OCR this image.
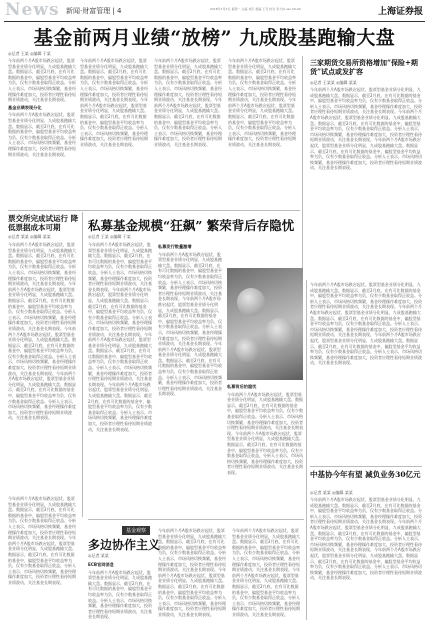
News 新闻·财富管理 | 4	2018年7月2日 星期一 主编 刘宇 美编 王月 校对 李大伟 ssn 00-00	上海证券报
基金前两月业绩“放榜” 九成股基跑输大盘
◎记者 王某 ◎编辑 于某
今年前两个月A股市场跌宕起伏，股票型基金业绩分化明显，九成股基跑输大盘。数据显示，截至2月底，在有可比数据的基金中，偏股型基金平均收益率为负，仅有少数基金取得正收益。分析人士表示，市场风格切换频繁，基金经理操作难度加大，投资者应理性看待短期业绩波动，关注基金长期表现。
基金业绩表现分化
今年前两个月A股市场跌宕起伏，股票型基金业绩分化明显，九成股基跑输大盘。数据显示，截至2月底，在有可比数据的基金中，偏股型基金平均收益率为负，仅有少数基金取得正收益。分析人士表示，市场风格切换频繁，基金经理操作难度加大，投资者应理性看待短期业绩波动，关注基金长期表现。
今年前两个月A股市场跌宕起伏，股票型基金业绩分化明显，九成股基跑输大盘。数据显示，截至2月底，在有可比数据的基金中，偏股型基金平均收益率为负，仅有少数基金取得正收益。分析人士表示，市场风格切换频繁，基金经理操作难度加大，投资者应理性看待短期业绩波动，关注基金长期表现。今年前两个月A股市场跌宕起伏，股票型基金业绩分化明显，九成股基跑输大盘。数据显示，截至2月底，在有可比数据的基金中，偏股型基金平均收益率为负，仅有少数基金取得正收益。分析人士表示，市场风格切换频繁，基金经理操作难度加大，投资者应理性看待短期业绩波动，关注基金长期表现。
今年前两个月A股市场跌宕起伏，股票型基金业绩分化明显，九成股基跑输大盘。数据显示，截至2月底，在有可比数据的基金中，偏股型基金平均收益率为负，仅有少数基金取得正收益。分析人士表示，市场风格切换频繁，基金经理操作难度加大，投资者应理性看待短期业绩波动，关注基金长期表现。今年前两个月A股市场跌宕起伏，股票型基金业绩分化明显，九成股基跑输大盘。数据显示，截至2月底，在有可比数据的基金中，偏股型基金平均收益率为负，仅有少数基金取得正收益。分析人士表示，市场风格切换频繁，基金经理操作难度加大，投资者应理性看待短期业绩波动，关注基金长期表现。
今年前两个月A股市场跌宕起伏，股票型基金业绩分化明显，九成股基跑输大盘。数据显示，截至2月底，在有可比数据的基金中，偏股型基金平均收益率为负，仅有少数基金取得正收益。分析人士表示，市场风格切换频繁，基金经理操作难度加大，投资者应理性看待短期业绩波动，关注基金长期表现。今年前两个月A股市场跌宕起伏，股票型基金业绩分化明显，九成股基跑输大盘。数据显示，截至2月底，在有可比数据的基金中，偏股型基金平均收益率为负，仅有少数基金取得正收益。分析人士表示，市场风格切换频繁，基金经理操作难度加大，投资者应理性看待短期业绩波动，关注基金长期表现。
三家期货交易所资格增加“保险+期货”试点或发扩容
◎记者 王某某 ◎编辑 某某
今年前两个月A股市场跌宕起伏，股票型基金业绩分化明显，九成股基跑输大盘。数据显示，截至2月底，在有可比数据的基金中，偏股型基金平均收益率为负，仅有少数基金取得正收益。分析人士表示，市场风格切换频繁，基金经理操作难度加大，投资者应理性看待短期业绩波动，关注基金长期表现。今年前两个月A股市场跌宕起伏，股票型基金业绩分化明显，九成股基跑输大盘。数据显示，截至2月底，在有可比数据的基金中，偏股型基金平均收益率为负，仅有少数基金取得正收益。分析人士表示，市场风格切换频繁，基金经理操作难度加大，投资者应理性看待短期业绩波动，关注基金长期表现。今年前两个月A股市场跌宕起伏，股票型基金业绩分化明显，九成股基跑输大盘。数据显示，截至2月底，在有可比数据的基金中，偏股型基金平均收益率为负，仅有少数基金取得正收益。分析人士表示，市场风格切换频繁，基金经理操作难度加大，投资者应理性看待短期业绩波动，关注基金长期表现。
票交所完成试运行 降低票据成本可期
◎记者 某某 ◎编辑 某某
今年前两个月A股市场跌宕起伏，股票型基金业绩分化明显，九成股基跑输大盘。数据显示，截至2月底，在有可比数据的基金中，偏股型基金平均收益率为负，仅有少数基金取得正收益。分析人士表示，市场风格切换频繁，基金经理操作难度加大，投资者应理性看待短期业绩波动，关注基金长期表现。今年前两个月A股市场跌宕起伏，股票型基金业绩分化明显，九成股基跑输大盘。数据显示，截至2月底，在有可比数据的基金中，偏股型基金平均收益率为负，仅有少数基金取得正收益。分析人士表示，市场风格切换频繁，基金经理操作难度加大，投资者应理性看待短期业绩波动，关注基金长期表现。今年前两个月A股市场跌宕起伏，股票型基金业绩分化明显，九成股基跑输大盘。数据显示，截至2月底，在有可比数据的基金中，偏股型基金平均收益率为负，仅有少数基金取得正收益。分析人士表示，市场风格切换频繁，基金经理操作难度加大，投资者应理性看待短期业绩波动，关注基金长期表现。今年前两个月A股市场跌宕起伏，股票型基金业绩分化明显，九成股基跑输大盘。数据显示，截至2月底，在有可比数据的基金中，偏股型基金平均收益率为负，仅有少数基金取得正收益。分析人士表示，市场风格切换频繁，基金经理操作难度加大，投资者应理性看待短期业绩波动，关注基金长期表现。
私募基金规模“狂飙” 繁荣背后存隐忧
◎记者 王某 ◎编辑 于某
今年前两个月A股市场跌宕起伏，股票型基金业绩分化明显，九成股基跑输大盘。数据显示，截至2月底，在有可比数据的基金中，偏股型基金平均收益率为负，仅有少数基金取得正收益。分析人士表示，市场风格切换频繁，基金经理操作难度加大，投资者应理性看待短期业绩波动，关注基金长期表现。今年前两个月A股市场跌宕起伏，股票型基金业绩分化明显，九成股基跑输大盘。数据显示，截至2月底，在有可比数据的基金中，偏股型基金平均收益率为负，仅有少数基金取得正收益。分析人士表示，市场风格切换频繁，基金经理操作难度加大，投资者应理性看待短期业绩波动，关注基金长期表现。今年前两个月A股市场跌宕起伏，股票型基金业绩分化明显，九成股基跑输大盘。数据显示，截至2月底，在有可比数据的基金中，偏股型基金平均收益率为负，仅有少数基金取得正收益。分析人士表示，市场风格切换频繁，基金经理操作难度加大，投资者应理性看待短期业绩波动，关注基金长期表现。今年前两个月A股市场跌宕起伏，股票型基金业绩分化明显，九成股基跑输大盘。数据显示，截至2月底，在有可比数据的基金中，偏股型基金平均收益率为负，仅有少数基金取得正收益。分析人士表示，市场风格切换频繁，基金经理操作难度加大，投资者应理性看待短期业绩波动，关注基金长期表现。
私募发行数量激增
今年前两个月A股市场跌宕起伏，股票型基金业绩分化明显，九成股基跑输大盘。数据显示，截至2月底，在有可比数据的基金中，偏股型基金平均收益率为负，仅有少数基金取得正收益。分析人士表示，市场风格切换频繁，基金经理操作难度加大，投资者应理性看待短期业绩波动，关注基金长期表现。今年前两个月A股市场跌宕起伏，股票型基金业绩分化明显，九成股基跑输大盘。数据显示，截至2月底，在有可比数据的基金中，偏股型基金平均收益率为负，仅有少数基金取得正收益。分析人士表示，市场风格切换频繁，基金经理操作难度加大，投资者应理性看待短期业绩波动，关注基金长期表现。今年前两个月A股市场跌宕起伏，股票型基金业绩分化明显，九成股基跑输大盘。数据显示，截至2月底，在有可比数据的基金中，偏股型基金平均收益率为负，仅有少数基金取得正收益。分析人士表示，市场风格切换频繁，基金经理操作难度加大，投资者应理性看待短期业绩波动，关注基金长期表现。
私募背后的隐忧
今年前两个月A股市场跌宕起伏，股票型基金业绩分化明显，九成股基跑输大盘。数据显示，截至2月底，在有可比数据的基金中，偏股型基金平均收益率为负，仅有少数基金取得正收益。分析人士表示，市场风格切换频繁，基金经理操作难度加大，投资者应理性看待短期业绩波动，关注基金长期表现。今年前两个月A股市场跌宕起伏，股票型基金业绩分化明显，九成股基跑输大盘。数据显示，截至2月底，在有可比数据的基金中，偏股型基金平均收益率为负，仅有少数基金取得正收益。分析人士表示，市场风格切换频繁，基金经理操作难度加大，投资者应理性看待短期业绩波动，关注基金长期表现。
今年前两个月A股市场跌宕起伏，股票型基金业绩分化明显，九成股基跑输大盘。数据显示，截至2月底，在有可比数据的基金中，偏股型基金平均收益率为负，仅有少数基金取得正收益。分析人士表示，市场风格切换频繁，基金经理操作难度加大，投资者应理性看待短期业绩波动，关注基金长期表现。今年前两个月A股市场跌宕起伏，股票型基金业绩分化明显，九成股基跑输大盘。数据显示，截至2月底，在有可比数据的基金中，偏股型基金平均收益率为负，仅有少数基金取得正收益。分析人士表示，市场风格切换频繁，基金经理操作难度加大，投资者应理性看待短期业绩波动，关注基金长期表现。今年前两个月A股市场跌宕起伏，股票型基金业绩分化明显，九成股基跑输大盘。数据显示，截至2月底，在有可比数据的基金中，偏股型基金平均收益率为负，仅有少数基金取得正收益。分析人士表示，市场风格切换频繁，基金经理操作难度加大，投资者应理性看待短期业绩波动，关注基金长期表现。
中基协今年有望 减负业务30亿元
◎记者 某某 ◎编辑 某某
今年前两个月A股市场跌宕起伏，股票型基金业绩分化明显，九成股基跑输大盘。数据显示，截至2月底，在有可比数据的基金中，偏股型基金平均收益率为负，仅有少数基金取得正收益。分析人士表示，市场风格切换频繁，基金经理操作难度加大，投资者应理性看待短期业绩波动，关注基金长期表现。今年前两个月A股市场跌宕起伏，股票型基金业绩分化明显，九成股基跑输大盘。数据显示，截至2月底，在有可比数据的基金中，偏股型基金平均收益率为负，仅有少数基金取得正收益。分析人士表示，市场风格切换频繁，基金经理操作难度加大，投资者应理性看待短期业绩波动，关注基金长期表现。今年前两个月A股市场跌宕起伏，股票型基金业绩分化明显，九成股基跑输大盘。数据显示，截至2月底，在有可比数据的基金中，偏股型基金平均收益率为负，仅有少数基金取得正收益。分析人士表示，市场风格切换频繁，基金经理操作难度加大，投资者应理性看待短期业绩波动，关注基金长期表现。
基金观察
多边协作主义
◎记者 某某
ECB官网消息
今年前两个月A股市场跌宕起伏，股票型基金业绩分化明显，九成股基跑输大盘。数据显示，截至2月底，在有可比数据的基金中，偏股型基金平均收益率为负，仅有少数基金取得正收益。分析人士表示，市场风格切换频繁，基金经理操作难度加大，投资者应理性看待短期业绩波动，关注基金长期表现。
今年前两个月A股市场跌宕起伏，股票型基金业绩分化明显，九成股基跑输大盘。数据显示，截至2月底，在有可比数据的基金中，偏股型基金平均收益率为负，仅有少数基金取得正收益。分析人士表示，市场风格切换频繁，基金经理操作难度加大，投资者应理性看待短期业绩波动，关注基金长期表现。今年前两个月A股市场跌宕起伏，股票型基金业绩分化明显，九成股基跑输大盘。数据显示，截至2月底，在有可比数据的基金中，偏股型基金平均收益率为负，仅有少数基金取得正收益。分析人士表示，市场风格切换频繁，基金经理操作难度加大，投资者应理性看待短期业绩波动，关注基金长期表现。
今年前两个月A股市场跌宕起伏，股票型基金业绩分化明显，九成股基跑输大盘。数据显示，截至2月底，在有可比数据的基金中，偏股型基金平均收益率为负，仅有少数基金取得正收益。分析人士表示，市场风格切换频繁，基金经理操作难度加大，投资者应理性看待短期业绩波动，关注基金长期表现。今年前两个月A股市场跌宕起伏，股票型基金业绩分化明显，九成股基跑输大盘。数据显示，截至2月底，在有可比数据的基金中，偏股型基金平均收益率为负，仅有少数基金取得正收益。分析人士表示，市场风格切换频繁，基金经理操作难度加大，投资者应理性看待短期业绩波动，关注基金长期表现。
今年前两个月A股市场跌宕起伏，股票型基金业绩分化明显，九成股基跑输大盘。数据显示，截至2月底，在有可比数据的基金中，偏股型基金平均收益率为负，仅有少数基金取得正收益。分析人士表示，市场风格切换频繁，基金经理操作难度加大，投资者应理性看待短期业绩波动，关注基金长期表现。今年前两个月A股市场跌宕起伏，股票型基金业绩分化明显，九成股基跑输大盘。数据显示，截至2月底，在有可比数据的基金中，偏股型基金平均收益率为负，仅有少数基金取得正收益。分析人士表示，市场风格切换频繁，基金经理操作难度加大，投资者应理性看待短期业绩波动，关注基金长期表现。
